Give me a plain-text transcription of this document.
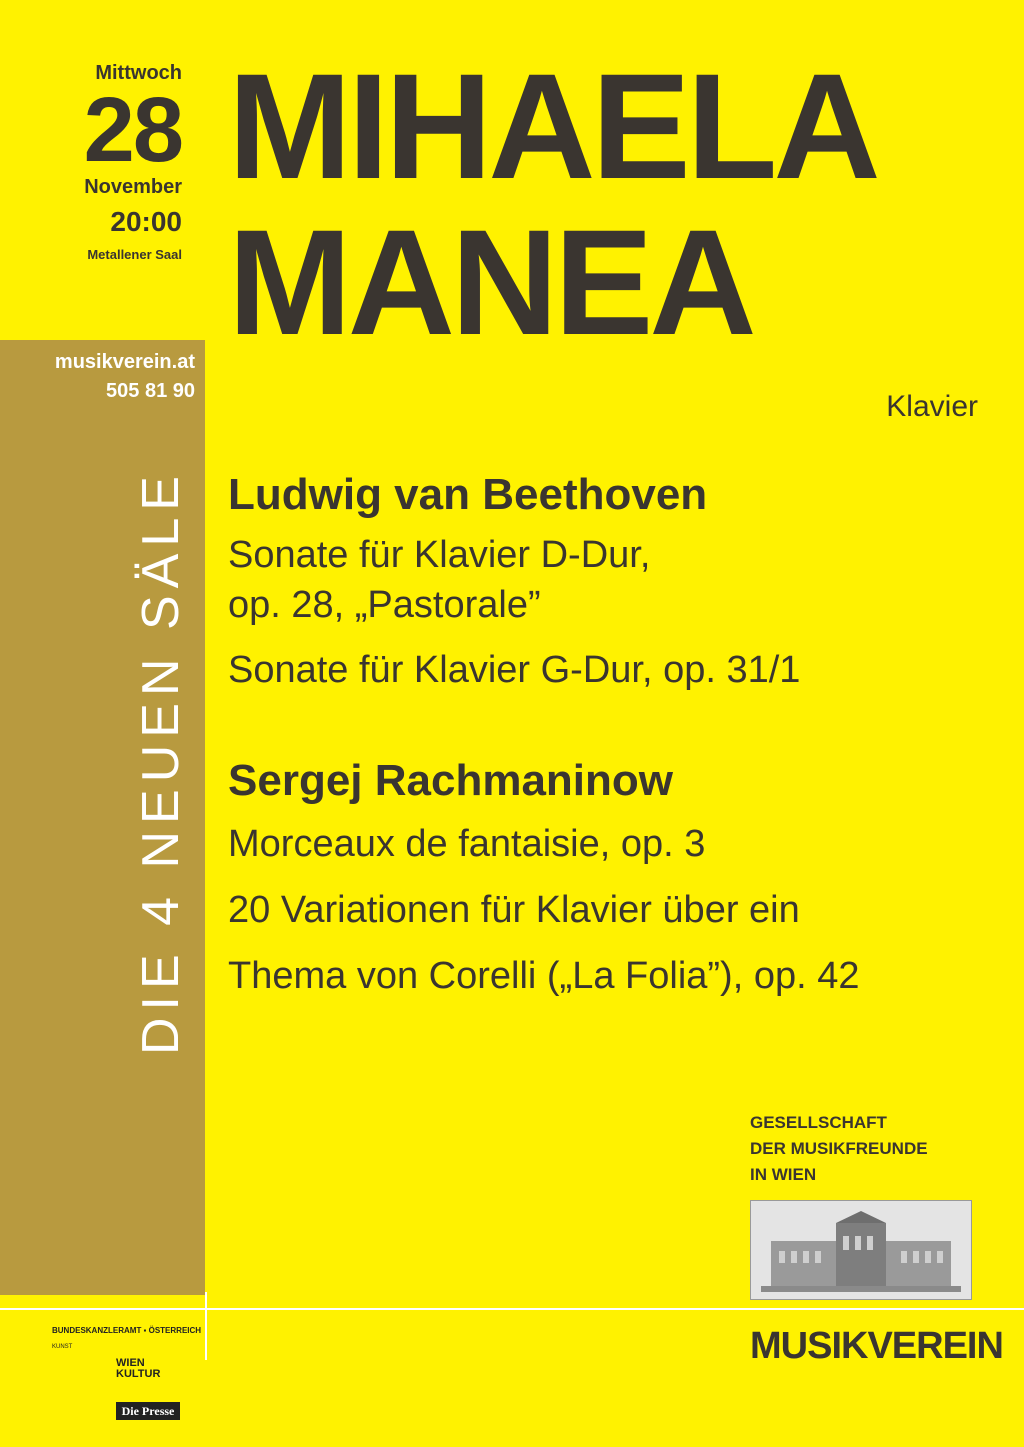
Mittwoch
28
November
20:00
Metallener Saal
musikverein.at
505 81 90
DIE 4 NEUEN SÄLE
MIHAELA
MANEA
Klavier
Ludwig van Beethoven
Sonate für Klavier D-Dur,
op. 28, „Pastorale”
Sonate für Klavier G-Dur, op. 31/1
Sergej Rachmaninow
Morceaux de fantaisie, op. 3
20 Variationen für Klavier über ein
Thema von Corelli („La Folia”), op. 42
GESELLSCHAFT
DER MUSIKFREUNDE
IN WIEN
MUSIKVEREIN
BUNDESKANZLERAMT ▪ ÖSTERREICH
KUNST
WIEN
KULTUR
Die Presse
